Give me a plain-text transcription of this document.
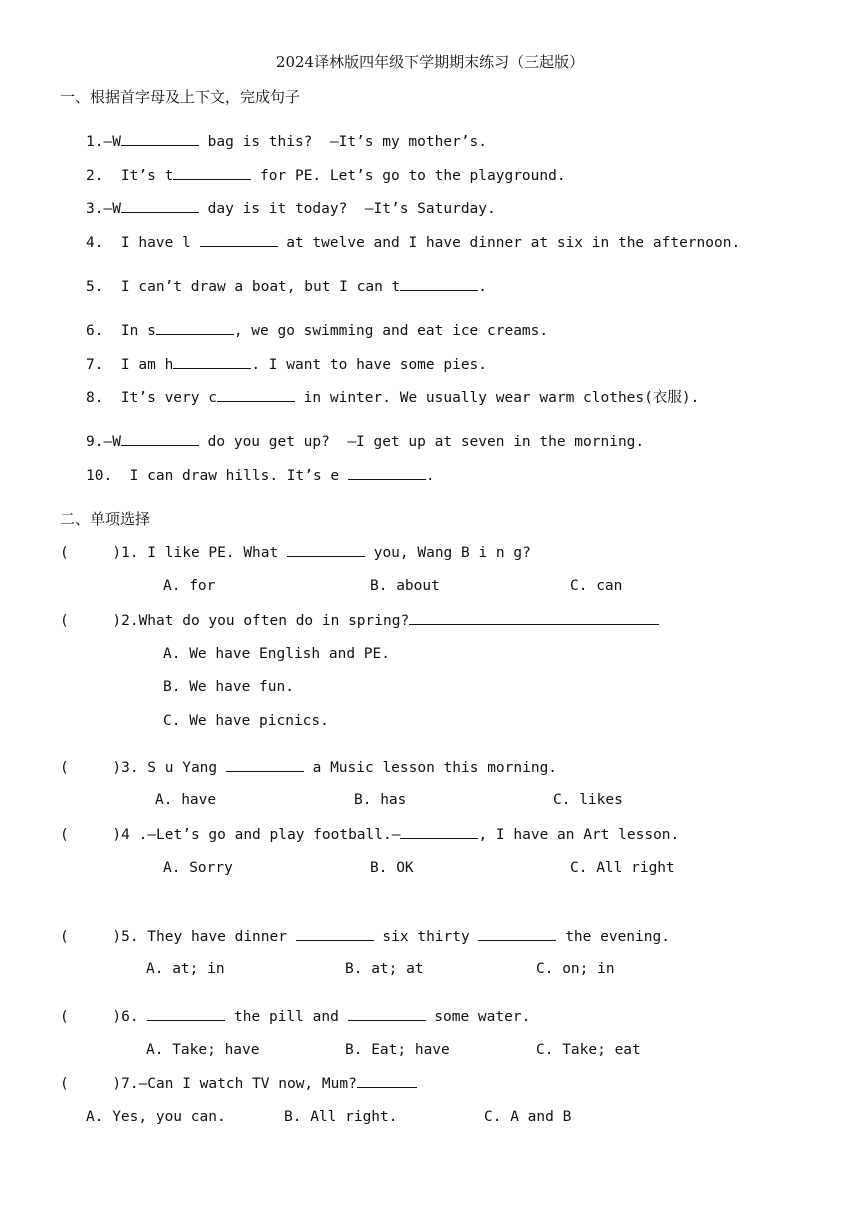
2024译林版四年级下学期期末练习（三起版）
一、根据首字母及上下文，完成句子
1.—W	bag is this?  —It’s my mother’s.
2.  It’s t	for PE. Let’s go to the playground.
3.—W	day is it today?  —It’s Saturday.
4.  I have l	at twelve and I have dinner at six in the afternoon.
5.  I can’t draw a boat, but I can t	.
6.  In s	, we go swimming and eat ice creams.
7.  I am h	. I want to have some pies.
8.  It’s very c	in winter. We usually wear warm clothes(衣服).
9.—W	do you get up?  —I get up at seven in the morning.
10.  I can draw hills. It’s e	.
二、单项选择
(     )1. I like PE. What	you, Wang B i n g?
A. for	B. about	C. can
(     )2.What do you often do in spring?
A. We have English and PE.
B. We have fun.
C. We have picnics.
(     )3. S u Yang	a Music lesson this morning.
A. have	B. has	C. likes
(     )4 .—Let’s go and play football.—	, I have an Art lesson.
A. Sorry	B. OK	C. All right
(     )5. They have dinner	six thirty	the evening.
A. at; in	B. at; at	C. on; in
(     )6.	the pill and	some water.
A. Take; have	B. Eat; have	C. Take; eat
(     )7.—Can I watch TV now, Mum?
A. Yes, you can.	B. All right.	C. A and B
